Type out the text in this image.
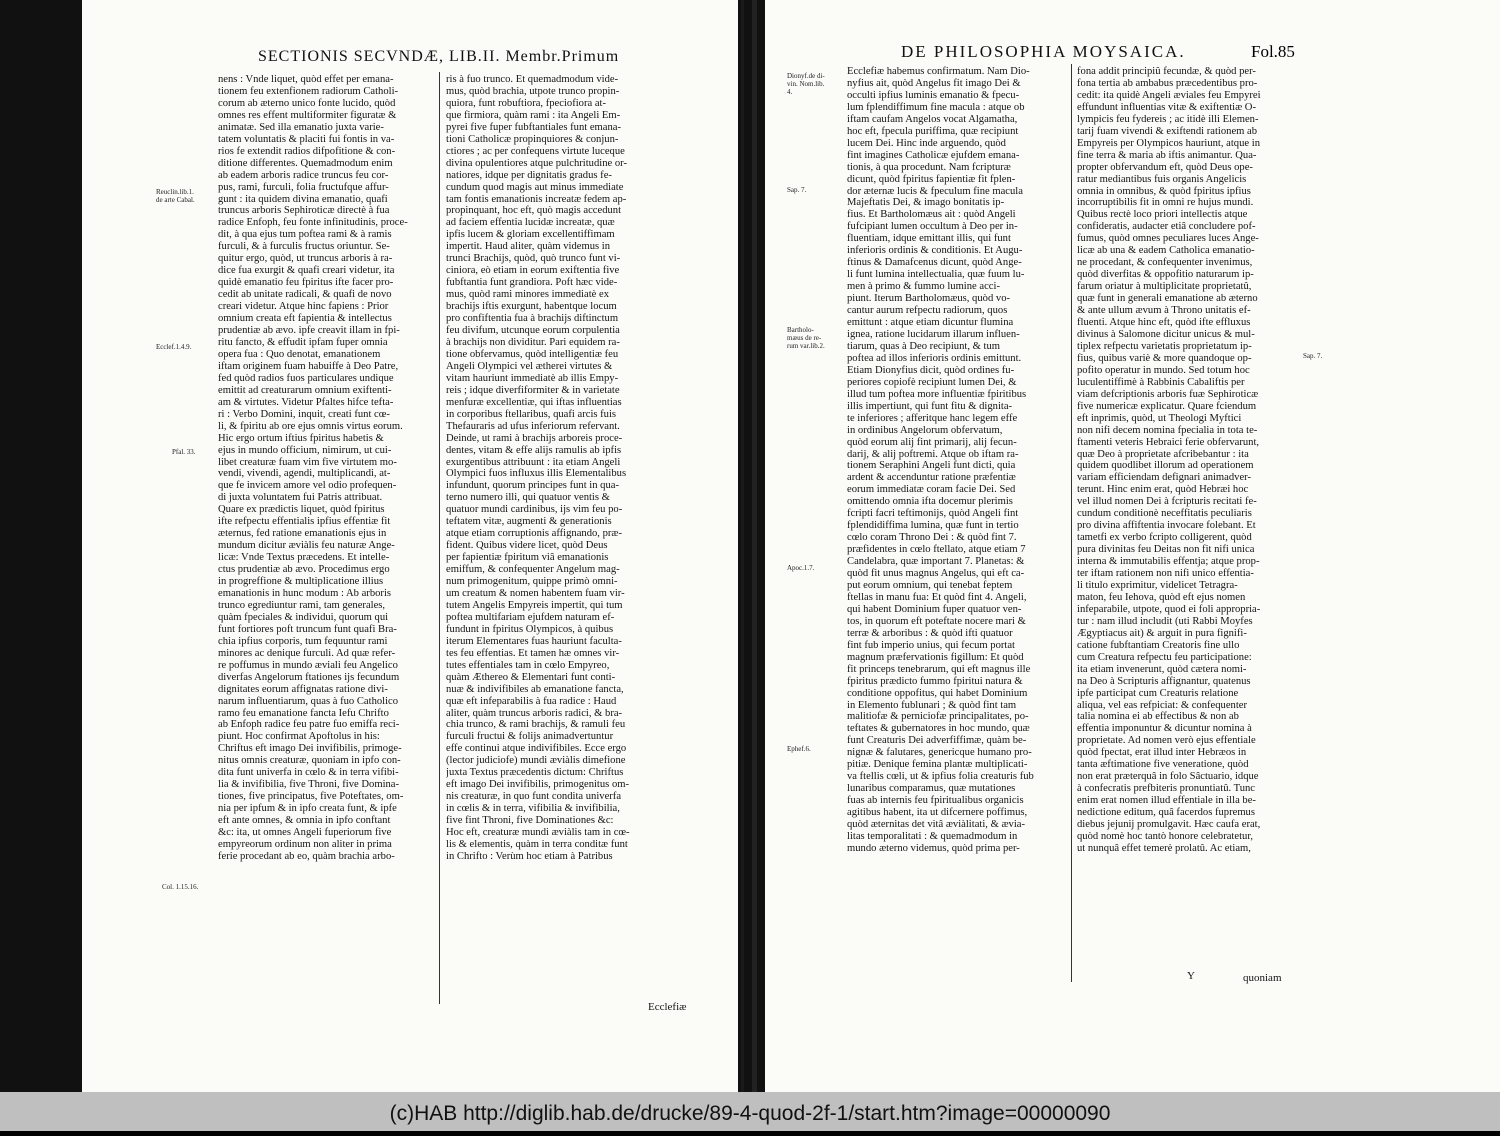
SECTIONIS SECVNDÆ, LIB.II. Membr.Primum

nens : Vnde liquet, quòd effet per emana-

tionem feu extenfionem radiorum Catholi-

corum ab æterno unico fonte lucido, quòd

omnes res effent multiformiter figuratæ &

animatæ. Sed illa emanatio juxta varie-

tatem voluntatis & placiti fui fontis in va-

rios fe extendit radios difpofitione & con-

ditione differentes. Quemadmodum enim

ab eadem arboris radice truncus feu cor-

pus, rami, furculi, folia fructufque affur-

gunt : ita quidem divina emanatio, quafi

truncus arboris Sephiroticæ directè à fua

radice Enfoph, feu fonte infinitudinis, proce-

dit, à qua ejus tum poftea rami & à ramis

furculi, & à furculis fructus oriuntur. Se-

quitur ergo, quòd, ut truncus arboris à ra-

dice fua exurgit & quafi creari videtur, ita

quidè emanatio feu fpiritus ifte facer pro-

cedit ab unitate radicali, & quafi de novo

creari videtur. Atque hinc fapiens : Prior

omnium creata eft fapientia & intellectus

prudentiæ ab ævo. ipfe creavit illam in fpi-

ritu fancto, & effudit ipfam fuper omnia

opera fua : Quo denotat, emanationem

iftam originem fuam habuiffe à Deo Patre,

fed quòd radios fuos particulares undique

emittit ad creaturarum omnium exiftenti-

am & virtutes. Videtur Pfaltes hifce tefta-

ri : Verbo Domini, inquit, creati funt cœ-

li, & fpiritu ab ore ejus omnis virtus eorum.

Hic ergo ortum iftius fpiritus habetis &

ejus in mundo officium, nimirum, ut cui-

libet creaturæ fuam vim five virtutem mo-

vendi, vivendi, agendi, multiplicandi, at-

que fe invicem amore vel odio profequen-

di juxta voluntatem fui Patris attribuat.

Quare ex prædictis liquet, quòd fpiritus

ifte refpectu effentialis ipfius effentiæ fit

æternus, fed ratione emanationis ejus in

mundum dicitur æviàlis feu naturæ Ange-

licæ: Vnde Textus præcedens. Et intelle-

ctus prudentiæ ab ævo. Procedimus ergo

in progreffione & multiplicatione illius

emanationis in hunc modum : Ab arboris

trunco egrediuntur rami, tam generales,

quàm fpeciales & individui, quorum qui

funt fortiores poft truncum funt quafi Bra-

chia ipfius corporis, tum fequuntur rami

minores ac denique furculi. Ad quæ refer-

re poffumus in mundo æviali feu Angelico

diverfas Angelorum ftationes ijs fecundum

dignitates eorum affignatas ratione divi-

narum influentiarum, quas à fuo Catholico

ramo feu emanatione fancta Iefu Chrifto

ab Enfoph radice feu patre fuo emiffa reci-

piunt. Hoc confirmat Apoftolus in his:

Chriftus eft imago Dei invifibilis, primoge-

nitus omnis creaturæ, quoniam in ipfo con-

dita funt univerfa in cœlo & in terra vifibi-

lia & invifibilia, five Throni, five Domina-

tiones, five principatus, five Poteftates, om-

nia per ipfum & in ipfo creata funt, & ipfe

eft ante omnes, & omnia in ipfo conftant

&c: ita, ut omnes Angeli fuperiorum five

empyreorum ordinum non aliter in prima

ferie procedant ab eo, quàm brachia arbo-

ris à fuo trunco. Et quemadmodum vide-

mus, quòd brachia, utpote trunco propin-

quiora, funt robuftiora, fpeciofiora at-

que firmiora, quàm rami : ita Angeli Em-

pyrei five fuper fubftantiales funt emana-

tioni Catholicæ propinquiores & conjun-

ctiores ; ac per confequens virtute luceque

divina opulentiores atque pulchritudine or-

natiores, idque per dignitatis gradus fe-

cundum quod magis aut minus immediate

tam fontis emanationis increatæ fedem ap-

propinquant, hoc eft, quò magis accedunt

ad faciem effentia lucidæ increatæ, quæ

ipfis lucem & gloriam excellentiffimam

impertit. Haud aliter, quàm videmus in

trunci Brachijs, quòd, quò trunco funt vi-

ciniora, eò etiam in eorum exiftentia five

fubftantia funt grandiora. Poft hæc vide-

mus, quòd rami minores immediatè ex

brachijs iftis exurgunt, habentque locum

pro confiftentia fua à brachijs diftinctum

feu divifum, utcunque eorum corpulentia

à brachijs non dividitur. Pari equidem ra-

tione obfervamus, quòd intelligentiæ feu

Angeli Olympici vel ætherei virtutes &

vitam hauriunt immediatè ab illis Empy-

reis ; idque diverfiformiter & in varietate

menfuræ excellentiæ, qui iftas influentias

in corporibus ftellaribus, quafi arcis fuis

Thefauraris ad ufus inferiorum refervant.

Deinde, ut rami à brachijs arboreis proce-

dentes, vitam & effe alijs ramulis ab ipfis

exurgentibus attribuunt : ita etiam Angeli

Olympici fuos influxus illis Elementalibus

infundunt, quorum principes funt in qua-

terno numero illi, qui quatuor ventis &

quatuor mundi cardinibus, ijs vim feu po-

teftatem vitæ, augmenti & generationis

atque etiam corruptionis affignando, præ-

fident. Quibus videre licet, quòd Deus

per fapientiæ fpiritum viâ emanationis

emiffum, & confequenter Angelum mag-

num primogenitum, quippe primò omni-

um creatum & nomen habentem fuam vir-

tutem Angelis Empyreis impertit, qui tum

poftea multifariam ejufdem naturam ef-

fundunt in fpiritus Olympicos, à quibus

iterum Elementares fuas hauriunt faculta-

tes feu effentias. Et tamen hæ omnes vir-

tutes effentiales tam in cœlo Empyreo,

quàm Æthereo & Elementari funt conti-

nuæ & indivifibiles ab emanatione fancta,

quæ eft infeparabilis à fua radice : Haud

aliter, quàm truncus arboris radici, & bra-

chia trunco, & rami brachijs, & ramuli feu

furculi fructui & folijs animadvertuntur

effe continui atque indivifibiles. Ecce ergo

(lector judiciofe) mundi æviàlis dimefione

juxta Textus præcedentis dictum: Chriftus

eft imago Dei invifibilis, primogenitus om-

nis creaturæ, in quo funt condita univerfa

in cœlis & in terra, vifibilia & invifibilia,

five fint Throni, five Dominationes &c:

Hoc eft, creaturæ mundi æviàlis tam in cœ-

lis & elementis, quàm in terra conditæ funt

in Chrifto : Verùm hoc etiam à Patribus

Ecclefiæ
Reuclin.lib.1.
de arte Cabal.
Ecclef.1.4.9.
Pfal. 33.
Col. 1.15.16.
DE PHILOSOPHIA MOYSAICA.	Fol.85

Ecclefiæ habemus confirmatum. Nam Dio-

nyfius ait, quòd Angelus fit imago Dei &

occulti ipfius luminis emanatio & fpecu-

lum fplendiffimum fine macula : atque ob

iftam caufam Angelos vocat Algamatha,

hoc eft, fpecula puriffima, quæ recipiunt

lucem Dei. Hinc inde arguendo, quòd

fint imagines Catholicæ ejufdem emana-

tionis, à qua procedunt. Nam fcripturæ

dicunt, quòd fpiritus fapientiæ fit fplen-

dor æternæ lucis & fpeculum fine macula

Majeftatis Dei, & imago bonitatis ip-

fius. Et Bartholomæus ait : quòd Angeli

fufcipiant lumen occultum à Deo per in-

fluentiam, idque emittant illis, qui funt

inferioris ordinis & conditionis. Et Augu-

ftinus & Damafcenus dicunt, quòd Ange-

li funt lumina intellectualia, quæ fuum lu-

men à primo & fummo lumine acci-

piunt. Iterum Bartholomæus, quòd vo-

cantur aurum refpectu radiorum, quos

emittunt : atque etiam dicuntur flumina

ignea, ratione lucidarum illarum influen-

tiarum, quas à Deo recipiunt, & tum

poftea ad illos inferioris ordinis emittunt.

Etiam Dionyfius dicit, quòd ordines fu-

periores copiofè recipiunt lumen Dei, &

illud tum poftea more influentiæ fpiritibus

illis impertiunt, qui funt fitu & dignita-

te inferiores ; afferitque hanc legem effe

in ordinibus Angelorum obfervatum,

quòd eorum alij fint primarij, alij fecun-

darij, & alij poftremi. Atque ob iftam ra-

tionem Seraphini Angeli funt dicti, quia

ardent & accenduntur ratione præfentiæ

eorum immediatæ coram facie Dei. Sed

omittendo omnia ifta docemur plerimis

fcripti facri teftimonijs, quòd Angeli fint

fplendidiffima lumina, quæ funt in tertio

cœlo coram Throno Dei : & quòd fint 7.

præfidentes in cœlo ftellato, atque etiam 7

Candelabra, quæ important 7. Planetas: &

quòd fit unus magnus Angelus, qui eft ca-

put eorum omnium, qui tenebat feptem

ftellas in manu fua: Et quòd fint 4. Angeli,

qui habent Dominium fuper quatuor ven-

tos, in quorum eft poteftate nocere mari &

terræ & arboribus : & quòd ifti quatuor

fint fub imperio unius, qui fecum portat

magnum præfervationis figillum: Et quòd

fit princeps tenebrarum, qui eft magnus ille

fpiritus prædicto fummo fpiritui natura &

conditione oppofitus, qui habet Dominium

in Elemento fublunari ; & quòd fint tam

malitiofæ & perniciofæ principalitates, po-

teftates & gubernatores in hoc mundo, quæ

funt Creaturis Dei adverfiffimæ, quàm be-

nignæ & falutares, genericque humano pro-

pitiæ. Denique femina plantæ multiplicati-

va ftellis cœli, ut & ipfius folia creaturis fub

lunaribus comparamus, quæ mutationes

fuas ab internis feu fpiritualibus organicis

agitibus habent, ita ut difcernere poffimus,

quòd æternitas det vitâ æviàlitati, & ævia-

litas temporalitati : & quemadmodum in

mundo æterno videmus, quòd prima per-

fona addit principiû fecundæ, & quòd per-

fona tertia ab ambabus præcedentibus pro-

cedit: ita quidè Angeli æviales feu Empyrei

effundunt influentias vitæ & exiftentiæ O-

lympicis feu fydereis ; ac itidè illi Elemen-

tarij fuam vivendi & exiftendi rationem ab

Empyreis per Olympicos hauriunt, atque in

fine terra & maria ab iftis animantur. Qua-

propter obfervandum eft, quòd Deus ope-

ratur mediantibus fuis organis Angelicis

omnia in omnibus, & quòd fpiritus ipfius

incorruptibilis fit in omni re hujus mundi.

Quibus rectè loco priori intellectis atque

confideratis, audacter etiâ concludere pof-

fumus, quòd omnes peculiares luces Ange-

licæ ab una & eadem Catholica emanatio-

ne procedant, & confequenter invenimus,

quòd diverfitas & oppofitio naturarum ip-

farum oriatur à multiplicitate proprietatû,

quæ funt in generali emanatione ab æterno

& ante ullum ævum à Throno unitatis ef-

fluenti. Atque hinc eft, quòd ifte effluxus

divinus à Salomone dicitur unicus & mul-

tiplex refpectu varietatis proprietatum ip-

fius, quibus variè & more quandoque op-

pofito operatur in mundo. Sed totum hoc

luculentiffimè à Rabbinis Cabaliftis per

viam defcriptionis arboris fuæ Sephiroticæ

five numericæ explicatur. Quare fciendum

eft inprimis, quòd, ut Theologi Myftici

non nifi decem nomina fpecialia in tota te-

ftamenti veteris Hebraici ferie obfervarunt,

quæ Deo à proprietate afcribebantur : ita

quidem quodlibet illorum ad operationem

variam efficiendam defignari animadver-

terunt. Hinc enim erat, quòd Hebræi hoc

vel illud nomen Dei à fcripturis recitati fe-

cundum conditionè neceffitatis peculiaris

pro divina affiftentia invocare folebant. Et

tametfi ex verbo fcripto colligerent, quòd

pura divinitas feu Deitas non fit nifi unica

interna & immutabilis effentja; atque prop-

ter iftam rationem non nifi unico effentia-

li titulo exprimitur, videlicet Tetragra-

maton, feu Iehova, quòd eft ejus nomen

infeparabile, utpote, quod ei foli appropria-

tur : nam illud includit (uti Rabbi Moyfes

Ægyptiacus ait) & arguit in pura fignifi-

catione fubftantiam Creatoris fine ullo

cum Creatura refpectu feu participatione:

ita etiam invenerunt, quòd cætera nomi-

na Deo à Scripturis affignantur, quatenus

ipfe participat cum Creaturis relatione

aliqua, vel eas refpiciat: & confequenter

talia nomina ei ab effectibus & non ab

effentia imponuntur & dicuntur nomina à

proprietate. Ad nomen verò ejus effentiale

quòd fpectat, erat illud inter Hebræos in

tanta æftimatione five veneratione, quòd

non erat præterquâ in folo Sâctuario, idque

à confecratis prefbiteris pronuntiatû. Tunc

enim erat nomen illud effentiale in illa be-

nedictione editum, quâ facerdos fupremus

diebus jejunij promulgavit. Hæc caufa erat,

quòd nomè hoc tantò honore celebratetur,

ut nunquâ effet temerè prolatû. Ac etiam,

Y	quoniam
Dionyf.de di-
vin. Nom.lib.
4.
Sap. 7.
Bartholo-
mæus de re-
rum var.lib.2.
Apoc.1.7.
Ephef.6.
Sap. 7.
(c)HAB http://diglib.hab.de/drucke/89-4-quod-2f-1/start.htm?image=00000090
